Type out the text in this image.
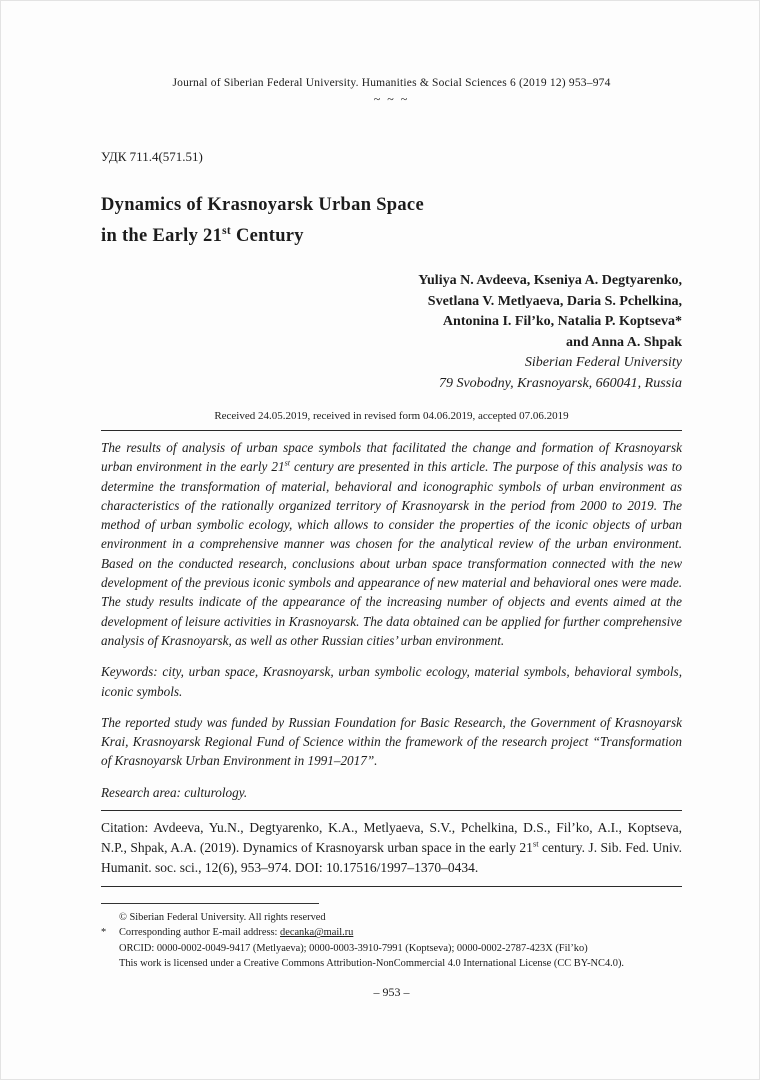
Journal of Siberian Federal University. Humanities & Social Sciences 6 (2019 12) 953–974
~ ~ ~
УДК 711.4(571.51)
Dynamics of Krasnoyarsk Urban Space
in the Early 21st Century
Yuliya N. Avdeeva, Kseniya A. Degtyarenko,
Svetlana V. Metlyaeva, Daria S. Pchelkina,
Antonina I. Fil’ko, Natalia P. Koptseva*
and Anna A. Shpak
Siberian Federal University
79 Svobodny, Krasnoyarsk, 660041, Russia
Received 24.05.2019, received in revised form 04.06.2019, accepted 07.06.2019

The results of analysis of urban space symbols that facilitated the change and formation of Krasnoyarsk urban environment in the early 21st century are presented in this article. The purpose of this analysis was to determine the transformation of material, behavioral and iconographic symbols of urban environment as characteristics of the rationally organized territory of Krasnoyarsk in the period from 2000 to 2019. The method of urban symbolic ecology, which allows to consider the properties of the iconic objects of urban environment in a comprehensive manner was chosen for the analytical review of the urban environment. Based on the conducted research, conclusions about urban space transformation connected with the new development of the previous iconic symbols and appearance of new material and behavioral ones were made. The study results indicate of the appearance of the increasing number of objects and events aimed at the development of leisure activities in Krasnoyarsk. The data obtained can be applied for further comprehensive analysis of Krasnoyarsk, as well as other Russian cities’ urban environment.

Keywords: city, urban space, Krasnoyarsk, urban symbolic ecology, material symbols, behavioral symbols, iconic symbols.

The reported study was funded by Russian Foundation for Basic Research, the Government of Krasnoyarsk Krai, Krasnoyarsk Regional Fund of Science within the framework of the research project “Transformation of Krasnoyarsk Urban Environment in 1991–2017”.

Research area: culturology.

Citation: Avdeeva, Yu.N., Degtyarenko, K.A., Metlyaeva, S.V., Pchelkina, D.S., Fil’ko, A.I., Koptseva, N.P., Shpak, A.A. (2019). Dynamics of Krasnoyarsk urban space in the early 21st century. J. Sib. Fed. Univ. Humanit. soc. sci., 12(6), 953–974. DOI: 10.17516/1997–1370–0434.

© Siberian Federal University. All rights reserved
* Corresponding author E-mail address: decanka@mail.ru
ORCID: 0000-0002-0049-9417 (Metlyaeva); 0000-0003-3910-7991 (Koptseva); 0000-0002-2787-423X (Fil’ko)
This work is licensed under a Creative Commons Attribution-NonCommercial 4.0 International License (CC BY-NC4.0).
– 953 –
